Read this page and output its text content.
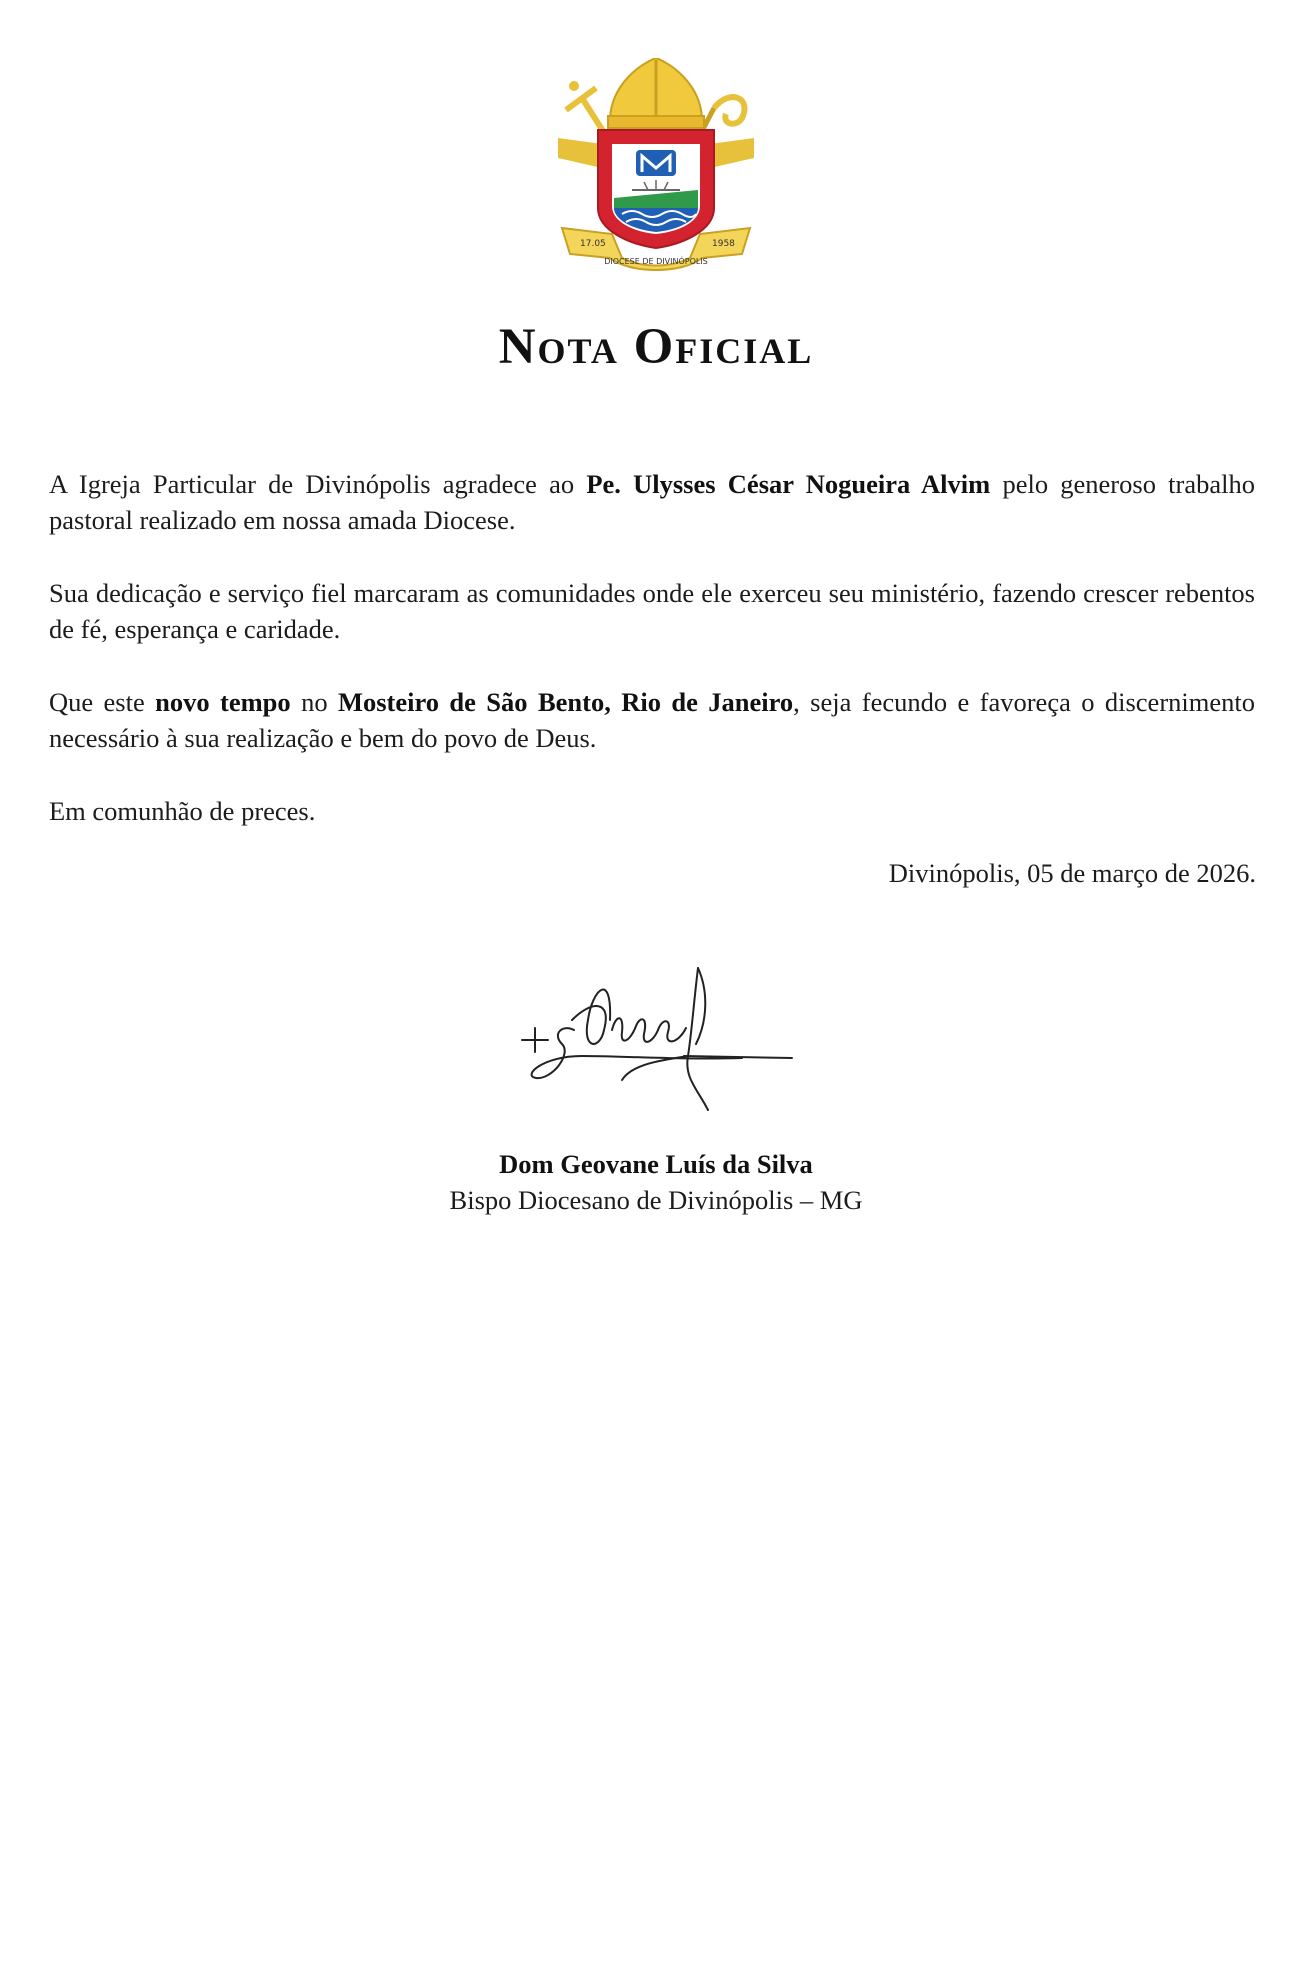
17.05	1958
DIOCESE DE DIVINÓPOLIS
Nota Oficial

A Igreja Particular de Divinópolis agradece ao Pe. Ulysses César Nogueira Alvim pelo generoso trabalho pastoral realizado em nossa amada Diocese.

Sua dedicação e serviço fiel marcaram as comunidades onde ele exerceu seu ministério, fazendo crescer rebentos de fé, esperança e caridade.

Que este novo tempo no Mosteiro de São Bento, Rio de Janeiro, seja fecundo e favoreça o discernimento necessário à sua realização e bem do povo de Deus.

Em comunhão de preces.

Divinópolis, 05 de março de 2026.
Dom Geovane Luís da Silva
Bispo Diocesano de Divinópolis – MG
